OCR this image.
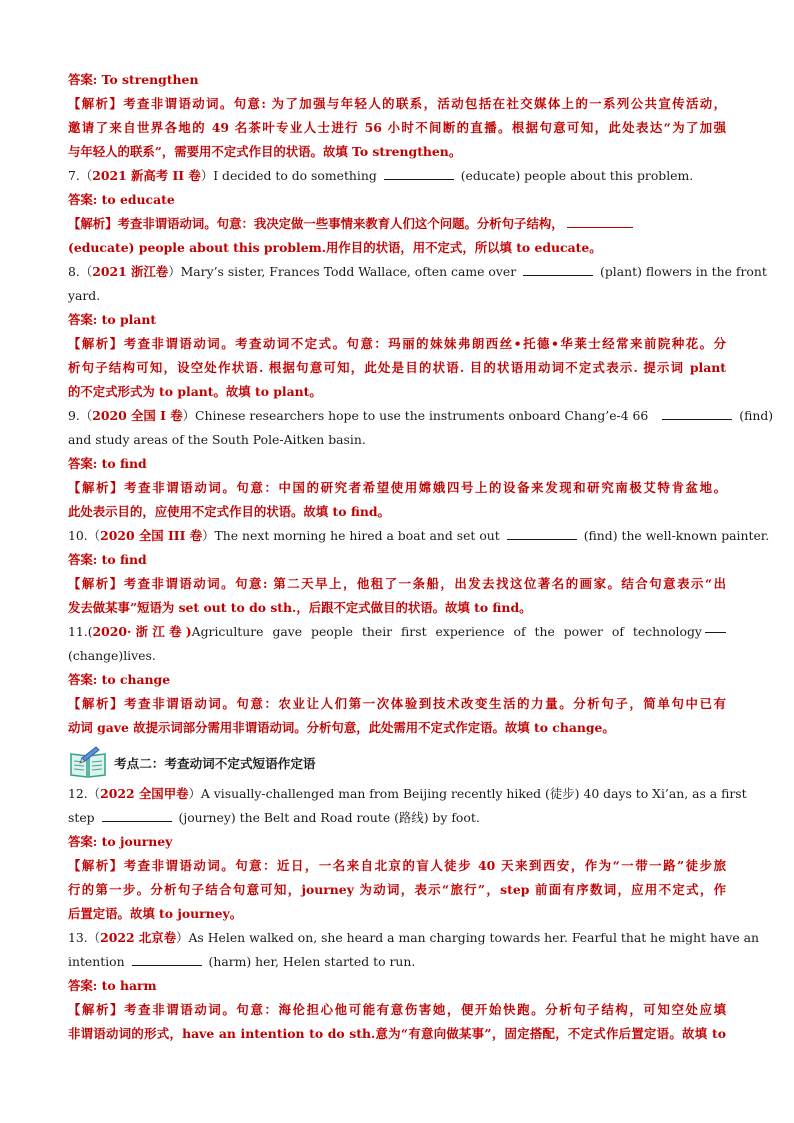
答案: To strengthen
【解析】考查非谓语动词。句意: 为了加强与年轻人的联系，活动包括在社交媒体上的一系列公共宣传活动，
邀请了来自世界各地的 49 名茶叶专业人士进行 56 小时不间断的直播。根据句意可知，此处表达“为了加强
与年轻人的联系”，需要用不定式作目的状语。故填 To strengthen。
7.（2021 新高考 II 卷）I decided to do something	(educate) people about this problem.
答案: to educate
【解析】考查非谓语动词。句意：我决定做一些事情来教育人们这个问题。分析句子结构，
(educate) people about this problem.用作目的状语，用不定式，所以填 to educate。
8.（2021 浙江卷）Mary’s sister, Frances Todd Wallace, often came over	(plant) flowers in the front
yard.
答案: to plant
【解析】考查非谓语动词。考查动词不定式。句意：玛丽的妹妹弗朗西丝•托德•华莱士经常来前院种花。分
析句子结构可知，设空处作状语. 根据句意可知，此处是目的状语. 目的状语用动词不定式表示. 提示词 plant
的不定式形式为 to plant。故填 to plant。
9.（2020 全国 I 卷）Chinese researchers hope to use the instruments onboard Chang’e-4 66	(find)
and study areas of the South Pole-Aitken basin.
答案: to find
【解析】考查非谓语动词。句意：中国的研究者希望使用嫦娥四号上的设备来发现和研究南极艾特肯盆地。
此处表示目的，应使用不定式作目的状语。故填 to find。
10.（2020 全国 III 卷）The next morning he hired a boat and set out	(find) the well-known painter.
答案: to find
【解析】考查非谓语动词。句意: 第二天早上，他租了一条船，出发去找这位著名的画家。结合句意表示“出
发去做某事”短语为 set out to do sth.，后跟不定式做目的状语。故填 to find。
11.(2020· 浙 江 卷 ) Agriculture gave people their first experience of the power of technology
(change)lives.
答案: to change
【解析】考查非谓语动词。句意：农业让人们第一次体验到技术改变生活的力量。分析句子，简单句中已有
动词 gave 故提示词部分需用非谓语动词。分析句意，此处需用不定式作定语。故填 to change。
考点二：考查动词不定式短语作定语
12.（2022 全国甲卷）A visually-challenged man from Beijing recently hiked (徒步) 40 days to Xi’an, as a first
step	(journey) the Belt and Road route (路线) by foot.
答案: to journey
【解析】考查非谓语动词。句意：近日，一名来自北京的盲人徒步 40 天来到西安，作为“一带一路”徒步旅
行的第一步。分析句子结合句意可知，journey 为动词，表示“旅行”，step 前面有序数词，应用不定式，作
后置定语。故填 to journey。
13.（2022 北京卷）As Helen walked on, she heard a man charging towards her. Fearful that he might have an
intention	(harm) her, Helen started to run.
答案: to harm
【解析】考查非谓语动词。句意：海伦担心他可能有意伤害她，便开始快跑。分析句子结构，可知空处应填
非谓语动词的形式，have an intention to do sth.意为“有意向做某事”，固定搭配，不定式作后置定语。故填 to
